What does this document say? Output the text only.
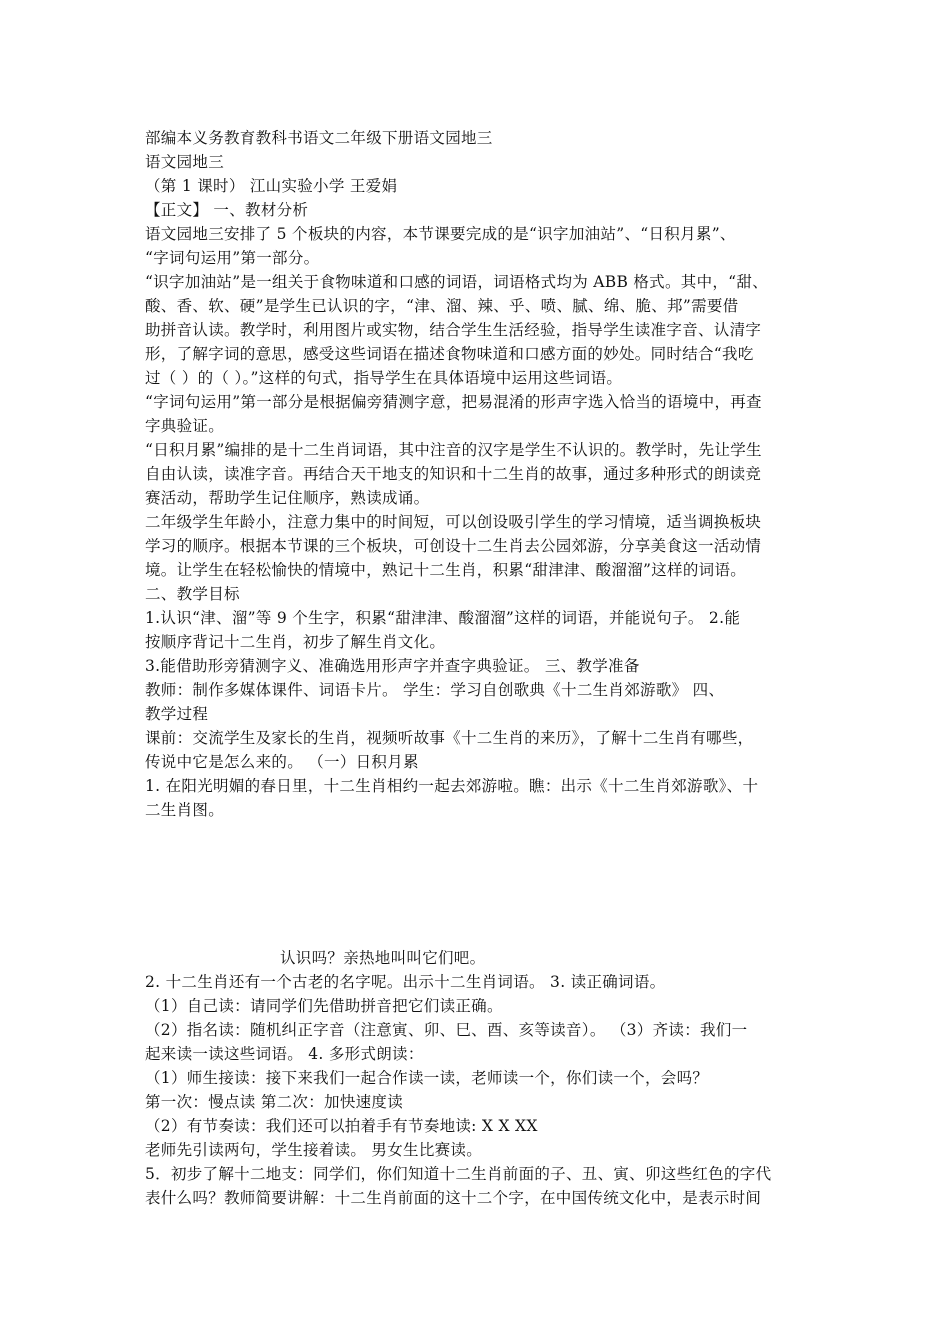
部编本义务教育教科书语文二年级下册语文园地三
语文园地三
（第 1 课时） 江山实验小学 王爱娟
【正文】 一、教材分析
语文园地三安排了 5 个板块的内容，本节课要完成的是“识字加油站”、“日积月累”、
“字词句运用”第一部分。
“识字加油站”是一组关于食物味道和口感的词语，词语格式均为 ABB 格式。其中，“甜、
酸、香、软、硬”是学生已认识的字，“津、溜、辣、乎、喷、腻、绵、脆、邦”需要借
助拼音认读。教学时，利用图片或实物，结合学生生活经验，指导学生读准字音、认清字
形，了解字词的意思，感受这些词语在描述食物味道和口感方面的妙处。同时结合“我吃
过（ ）的（ ）。”这样的句式，指导学生在具体语境中运用这些词语。
“字词句运用”第一部分是根据偏旁猜测字意，把易混淆的形声字选入恰当的语境中，再查
字典验证。
“日积月累”编排的是十二生肖词语，其中注音的汉字是学生不认识的。教学时，先让学生
自由认读，读准字音。再结合天干地支的知识和十二生肖的故事，通过多种形式的朗读竞
赛活动，帮助学生记住顺序，熟读成诵。
二年级学生年龄小，注意力集中的时间短，可以创设吸引学生的学习情境，适当调换板块
学习的顺序。根据本节课的三个板块，可创设十二生肖去公园郊游，分享美食这一活动情
境。让学生在轻松愉快的情境中，熟记十二生肖，积累“甜津津、酸溜溜”这样的词语。
二、教学目标
1.认识“津、溜”等 9 个生字，积累“甜津津、酸溜溜”这样的词语，并能说句子。 2.能
按顺序背记十二生肖，初步了解生肖文化。
3.能借助形旁猜测字义、准确选用形声字并查字典验证。 三、教学准备
教师：制作多媒体课件、词语卡片。 学生：学习自创歌典《十二生肖郊游歌》 四、
教学过程
课前：交流学生及家长的生肖，视频听故事《十二生肖的来历》，了解十二生肖有哪些，
传说中它是怎么来的。 （一）日积月累
1. 在阳光明媚的春日里，十二生肖相约一起去郊游啦。瞧：出示《十二生肖郊游歌》、十
二生肖图。
认识吗？亲热地叫叫它们吧。
2. 十二生肖还有一个古老的名字呢。出示十二生肖词语。 3. 读正确词语。
（1）自己读：请同学们先借助拼音把它们读正确。
（2）指名读：随机纠正字音（注意寅、卯、巳、酉、亥等读音）。 （3）齐读：我们一
起来读一读这些词语。 4. 多形式朗读：
（1）师生接读：接下来我们一起合作读一读，老师读一个，你们读一个，会吗？
第一次：慢点读 第二次：加快速度读
（2）有节奏读：我们还可以拍着手有节奏地读: X X XX
老师先引读两句，学生接着读。 男女生比赛读。
5．初步了解十二地支：同学们，你们知道十二生肖前面的子、丑、寅、卯这些红色的字代
表什么吗？教师简要讲解：十二生肖前面的这十二个字，在中国传统文化中，是表示时间
